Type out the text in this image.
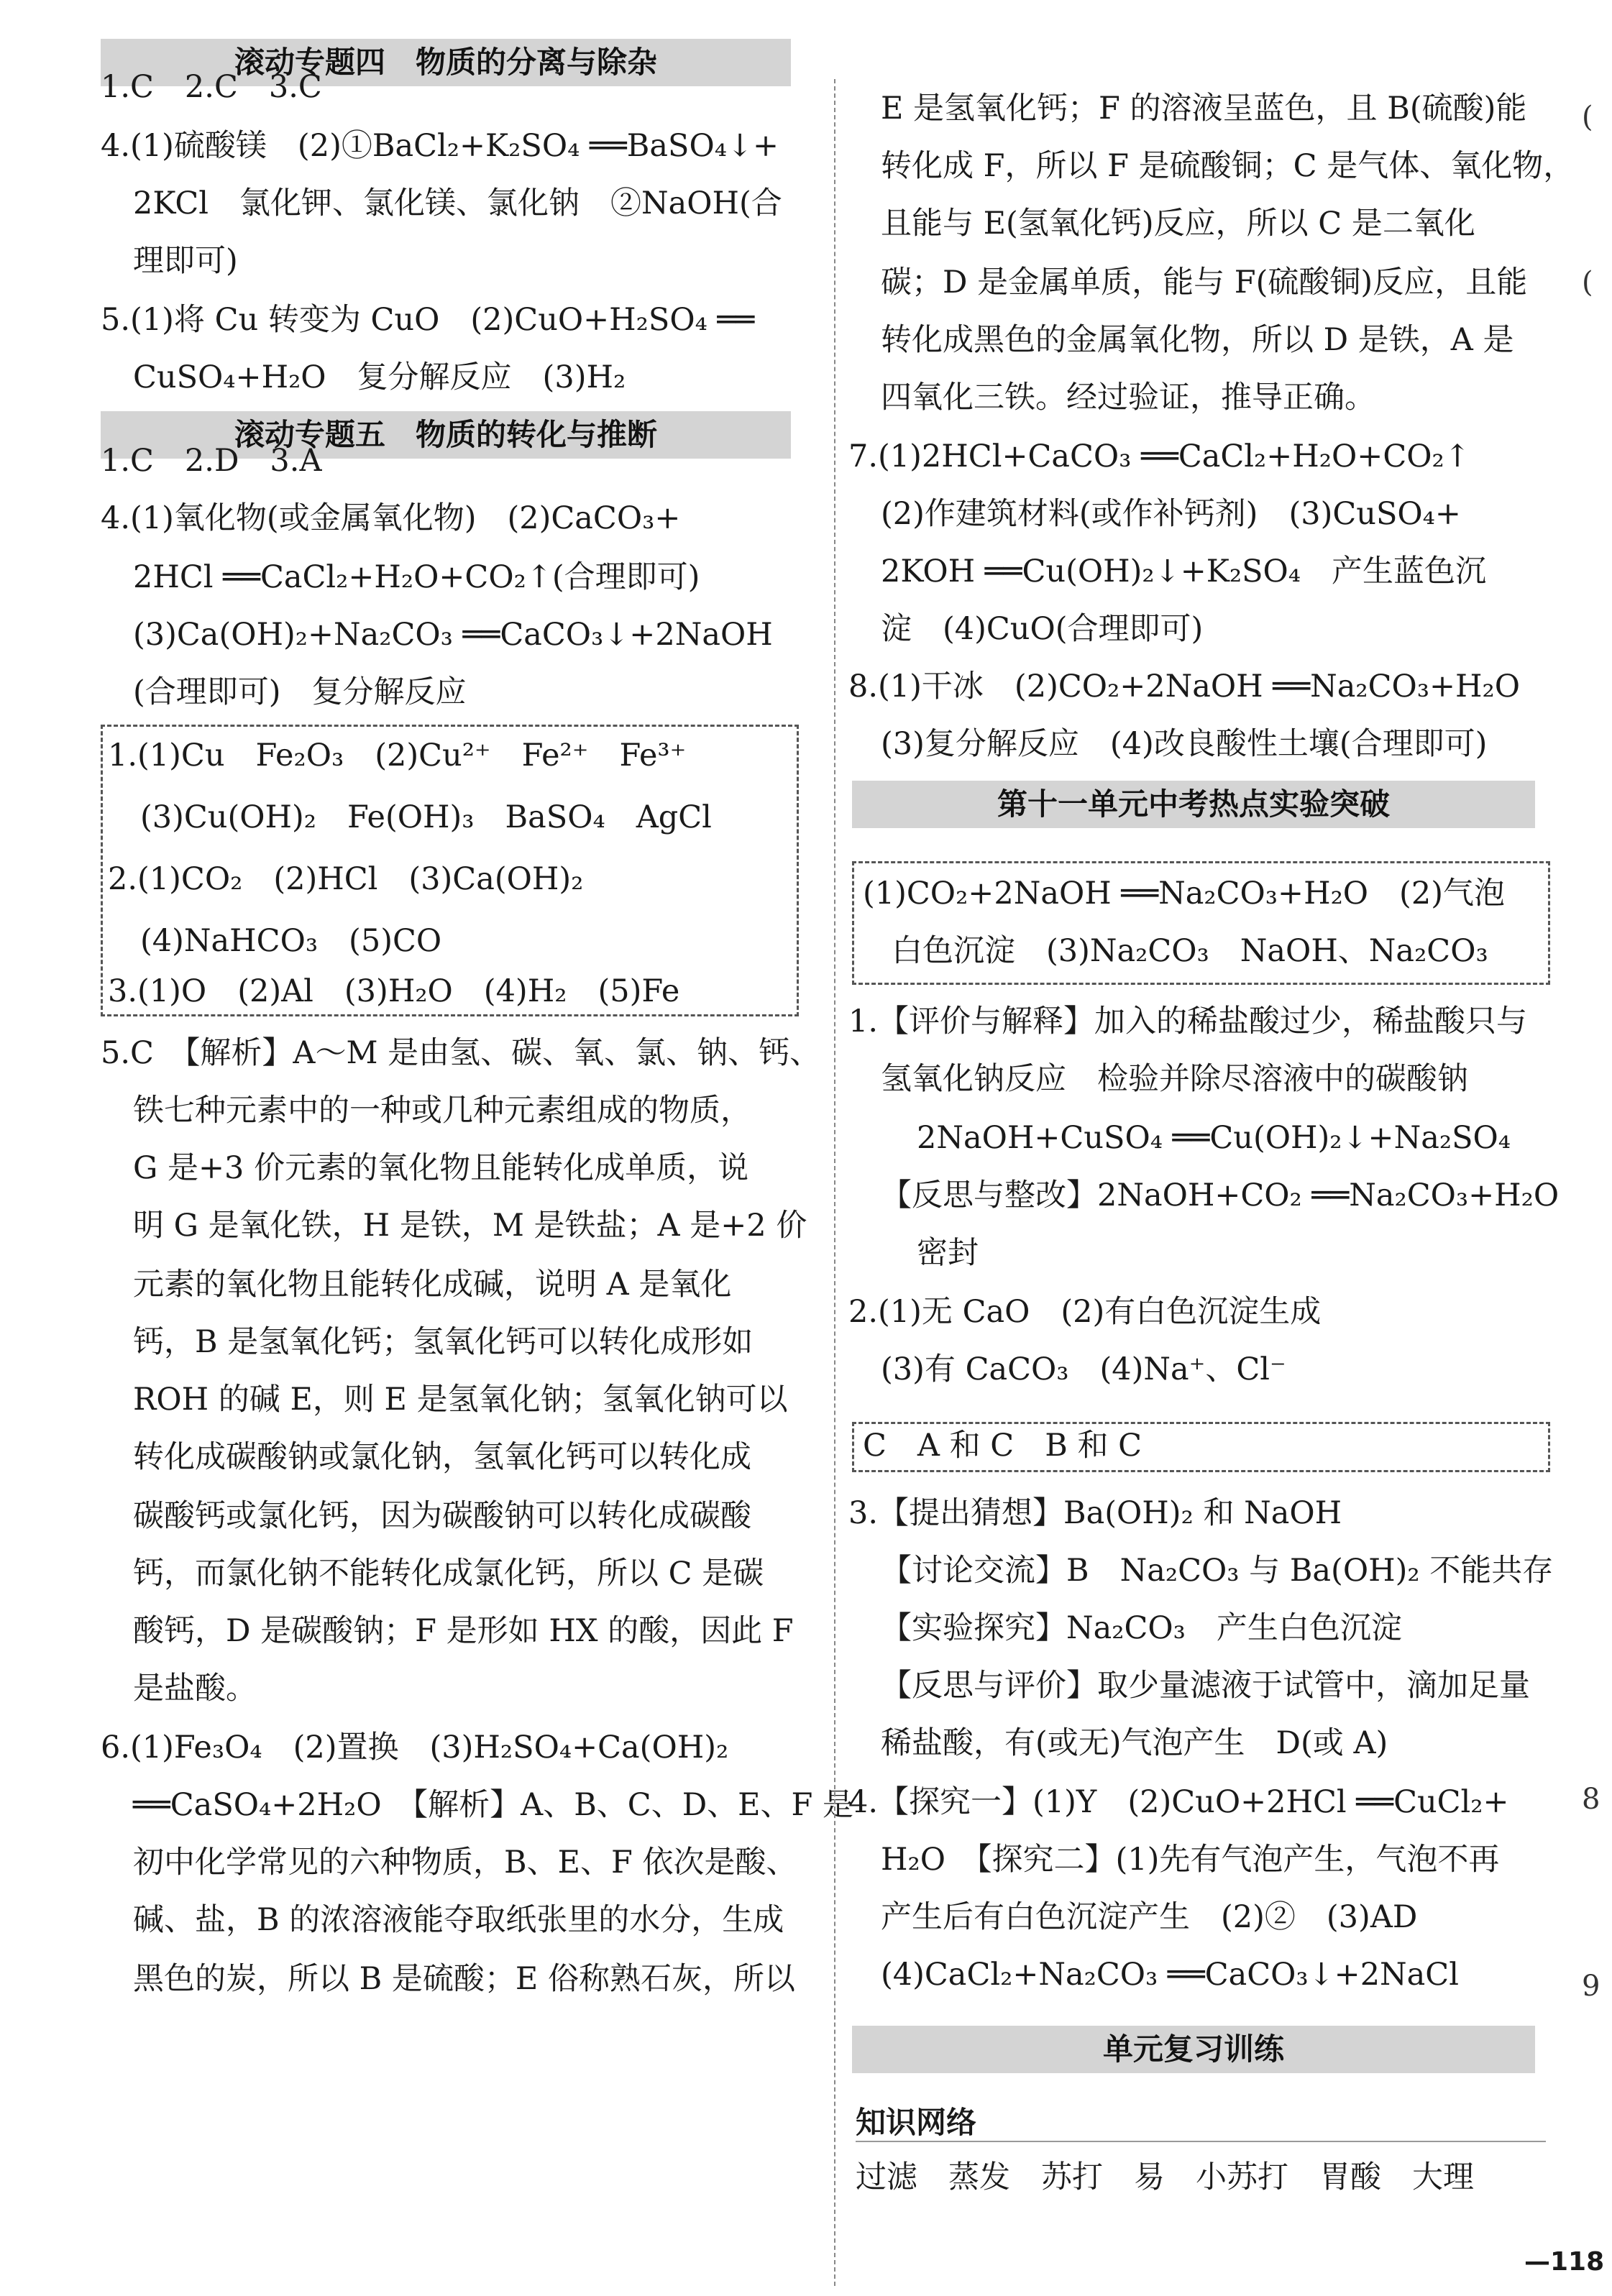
滚动专题四　物质的分离与除杂
1.C　2.C　3.C
4.(1)硫酸镁　(2)①BaCl₂+K₂SO₄ ══BaSO₄↓+
2KCl　氯化钾、氯化镁、氯化钠　②NaOH(合
理即可)
5.(1)将 Cu 转变为 CuO　(2)CuO+H₂SO₄ ══
CuSO₄+H₂O　复分解反应　(3)H₂
滚动专题五　物质的转化与推断
1.C　2.D　3.A
4.(1)氧化物(或金属氧化物)　(2)CaCO₃+
2HCl ══CaCl₂+H₂O+CO₂↑(合理即可)
(3)Ca(OH)₂+Na₂CO₃ ══CaCO₃↓+2NaOH
(合理即可)　复分解反应
1.(1)Cu　Fe₂O₃　(2)Cu²⁺　Fe²⁺　Fe³⁺
(3)Cu(OH)₂　Fe(OH)₃　BaSO₄　AgCl
2.(1)CO₂　(2)HCl　(3)Ca(OH)₂
(4)NaHCO₃　(5)CO
3.(1)O　(2)Al　(3)H₂O　(4)H₂　(5)Fe
5.C　【解析】A～M 是由氢、碳、氧、氯、钠、钙、
铁七种元素中的一种或几种元素组成的物质，
G 是+3 价元素的氧化物且能转化成单质，说
明 G 是氧化铁，H 是铁，M 是铁盐；A 是+2 价
元素的氧化物且能转化成碱，说明 A 是氧化
钙，B 是氢氧化钙；氢氧化钙可以转化成形如
ROH 的碱 E，则 E 是氢氧化钠；氢氧化钠可以
转化成碳酸钠或氯化钠，氢氧化钙可以转化成
碳酸钙或氯化钙，因为碳酸钠可以转化成碳酸
钙，而氯化钠不能转化成氯化钙，所以 C 是碳
酸钙，D 是碳酸钠；F 是形如 HX 的酸，因此 F
是盐酸。
6.(1)Fe₃O₄　(2)置换　(3)H₂SO₄+Ca(OH)₂
══CaSO₄+2H₂O　【解析】A、B、C、D、E、F 是
初中化学常见的六种物质，B、E、F 依次是酸、
碱、盐，B 的浓溶液能夺取纸张里的水分，生成
黑色的炭，所以 B 是硫酸；E 俗称熟石灰，所以
E 是氢氧化钙；F 的溶液呈蓝色，且 B(硫酸)能
转化成 F，所以 F 是硫酸铜；C 是气体、氧化物，
且能与 E(氢氧化钙)反应，所以 C 是二氧化
碳；D 是金属单质，能与 F(硫酸铜)反应，且能
转化成黑色的金属氧化物，所以 D 是铁，A 是
四氧化三铁。经过验证，推导正确。
7.(1)2HCl+CaCO₃ ══CaCl₂+H₂O+CO₂↑
(2)作建筑材料(或作补钙剂)　(3)CuSO₄+
2KOH ══Cu(OH)₂↓+K₂SO₄　产生蓝色沉
淀　(4)CuO(合理即可)
8.(1)干冰　(2)CO₂+2NaOH ══Na₂CO₃+H₂O
(3)复分解反应　(4)改良酸性土壤(合理即可)
第十一单元中考热点实验突破
(1)CO₂+2NaOH ══Na₂CO₃+H₂O　(2)气泡
白色沉淀　(3)Na₂CO₃　NaOH、Na₂CO₃
1.【评价与解释】加入的稀盐酸过少，稀盐酸只与
氢氧化钠反应　检验并除尽溶液中的碳酸钠
2NaOH+CuSO₄ ══Cu(OH)₂↓+Na₂SO₄
【反思与整改】2NaOH+CO₂ ══Na₂CO₃+H₂O
密封
2.(1)无 CaO　(2)有白色沉淀生成
(3)有 CaCO₃　(4)Na⁺、Cl⁻
C　A 和 C　B 和 C
3.【提出猜想】Ba(OH)₂ 和 NaOH
【讨论交流】B　Na₂CO₃ 与 Ba(OH)₂ 不能共存
【实验探究】Na₂CO₃　产生白色沉淀
【反思与评价】取少量滤液于试管中，滴加足量
稀盐酸，有(或无)气泡产生　D(或 A)
4.【探究一】(1)Y　(2)CuO+2HCl ══CuCl₂+
H₂O　【探究二】(1)先有气泡产生，气泡不再
产生后有白色沉淀产生　(2)②　(3)AD
(4)CaCl₂+Na₂CO₃ ══CaCO₃↓+2NaCl
单元复习训练
知识网络
过滤　蒸发　苏打　易　小苏打　胃酸　大理
—118
(
(
8
9
